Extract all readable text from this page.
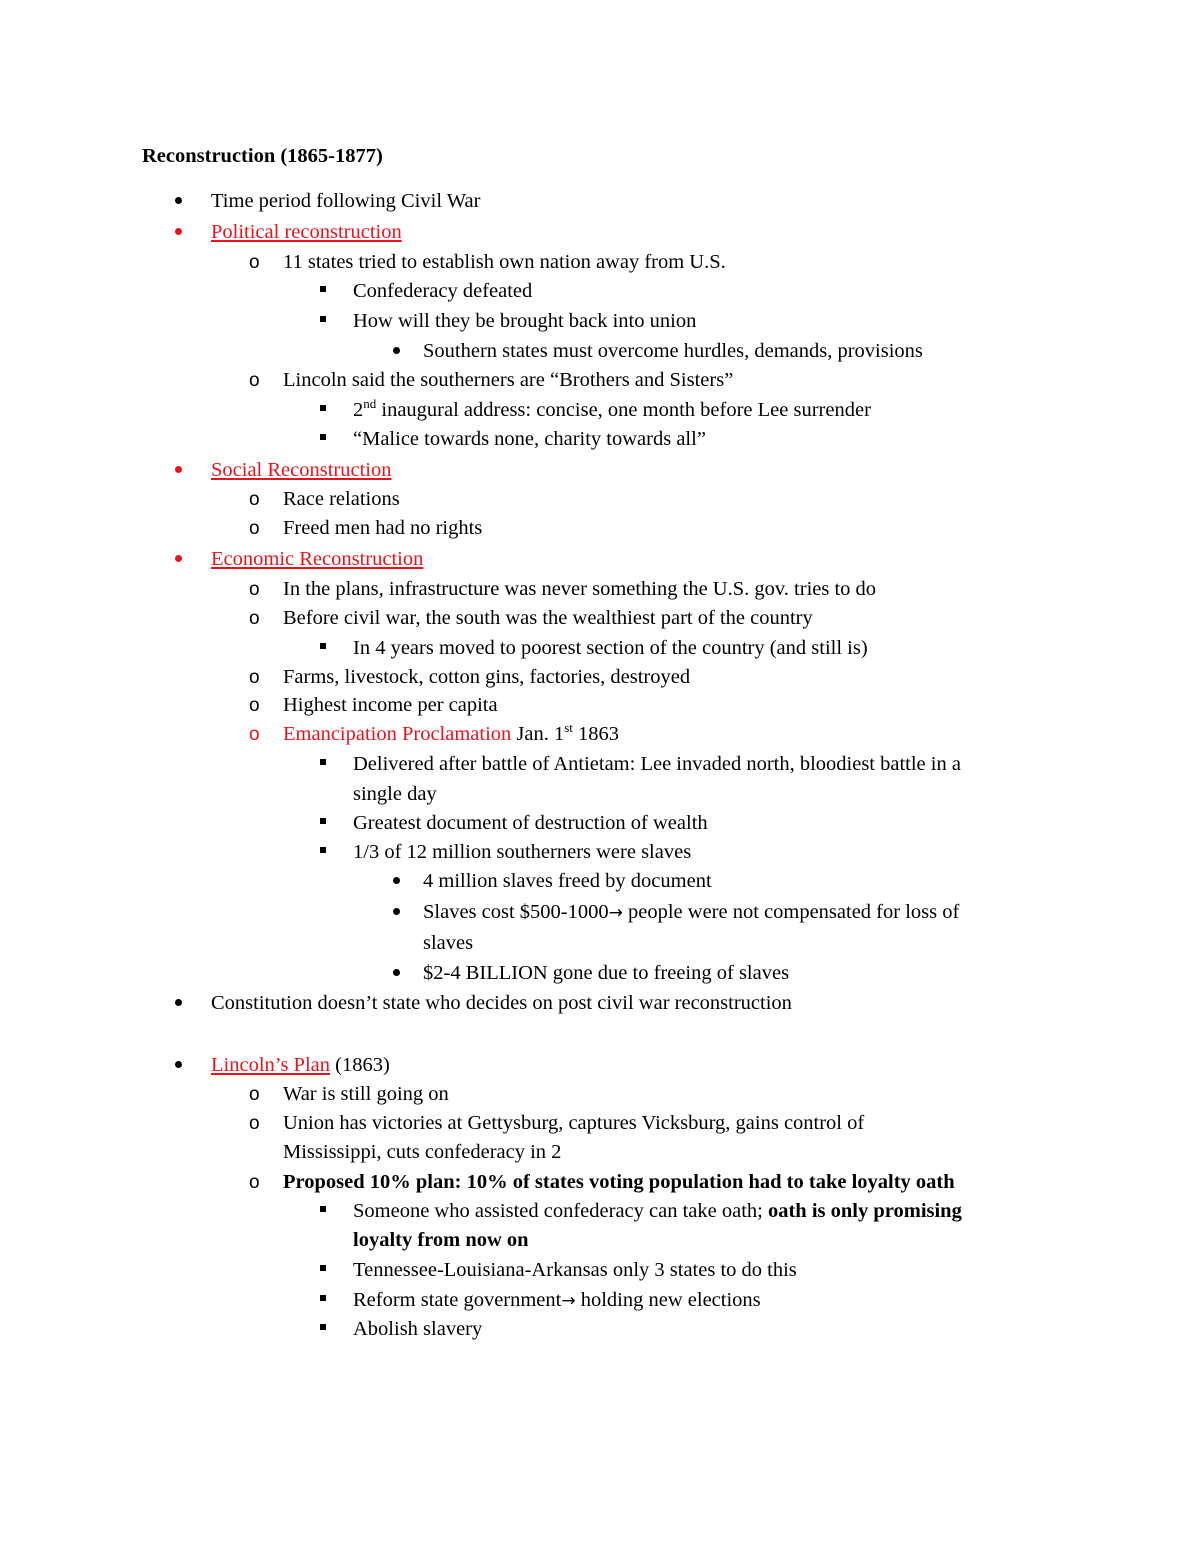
Reconstruction (1865-1877)
Time period following Civil War
Political reconstruction
o 11 states tried to establish own nation away from U.S.
Confederacy defeated
How will they be brought back into union
Southern states must overcome hurdles, demands, provisions
o Lincoln said the southerners are “Brothers and Sisters”
2nd inaugural address: concise, one month before Lee surrender
“Malice towards none, charity towards all”
Social Reconstruction
o Race relations
o Freed men had no rights
Economic Reconstruction
o In the plans, infrastructure was never something the U.S. gov. tries to do
o Before civil war, the south was the wealthiest part of the country
In 4 years moved to poorest section of the country (and still is)
o Farms, livestock, cotton gins, factories, destroyed
o Highest income per capita
o Emancipation Proclamation Jan. 1st 1863
Delivered after battle of Antietam: Lee invaded north, bloodiest battle in a
single day
Greatest document of destruction of wealth
1/3 of 12 million southerners were slaves
4 million slaves freed by document
Slaves cost $500-1000→ people were not compensated for loss of
slaves
$2-4 BILLION gone due to freeing of slaves
Constitution doesn’t state who decides on post civil war reconstruction
Lincoln’s Plan (1863)
o War is still going on
o Union has victories at Gettysburg, captures Vicksburg, gains control of
Mississippi, cuts confederacy in 2
o Proposed 10% plan: 10% of states voting population had to take loyalty oath
Someone who assisted confederacy can take oath; oath is only promising
loyalty from now on
Tennessee-Louisiana-Arkansas only 3 states to do this
Reform state government→ holding new elections
Abolish slavery
